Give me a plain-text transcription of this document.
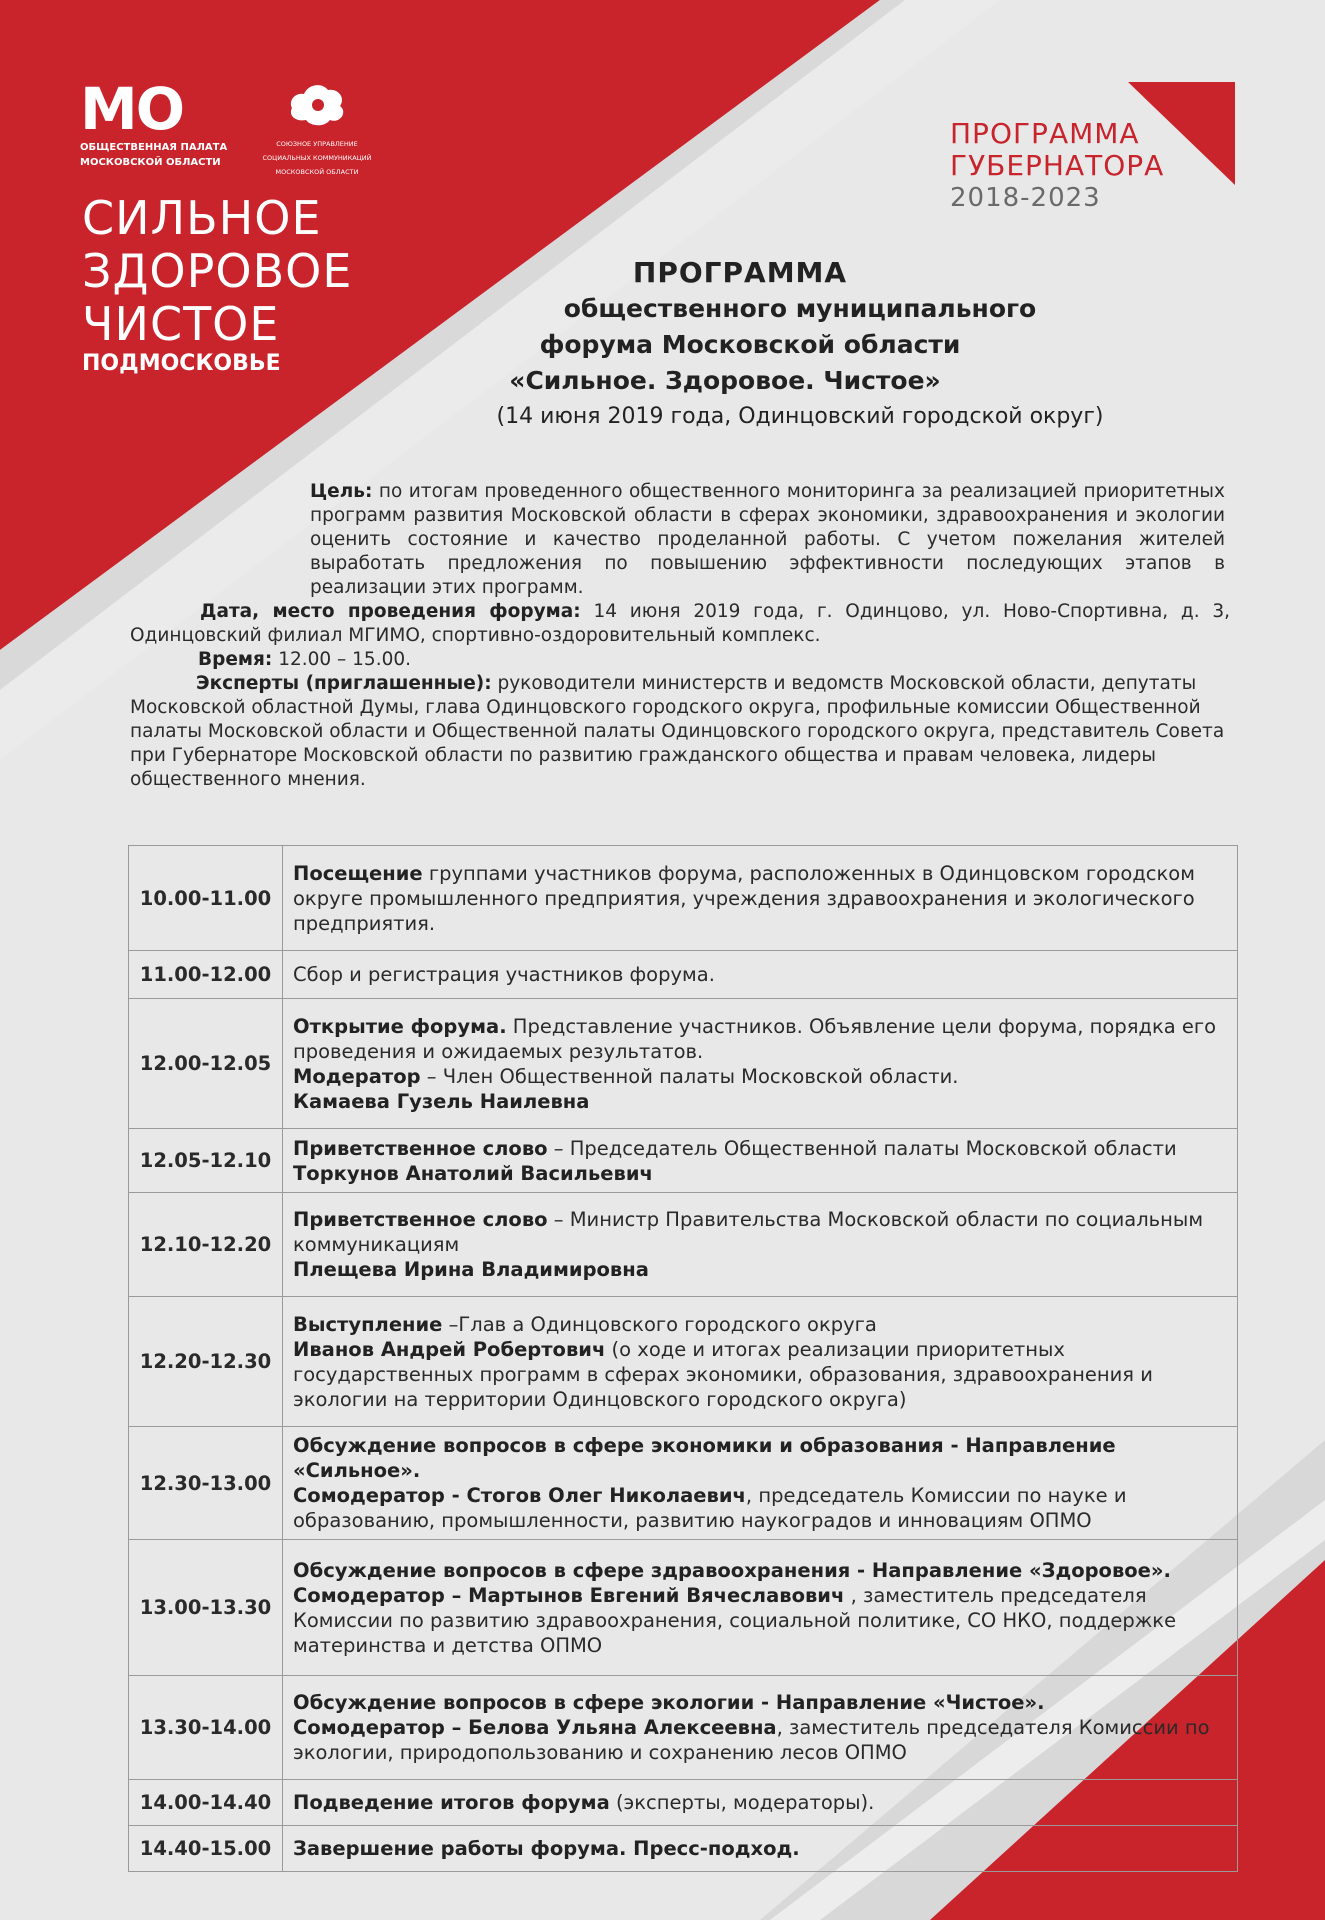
МО
ОБЩЕСТВЕННАЯ ПАЛАТА
МОСКОВСКОЙ ОБЛАСТИ
СОЮЗНОЕ УПРАВЛЕНИЕ
СОЦИАЛЬНЫХ КОММУНИКАЦИЙ
МОСКОВСКОЙ ОБЛАСТИ
СИЛЬНОЕ
ЗДОРОВОЕ
ЧИСТОЕ
ПОДМОСКОВЬЕ
ПРОГРАММА
ГУБЕРНАТОРА
2018-2023
ПРОГРАММА
общественного муниципального
форума Московской области
«Сильное. Здоровое. Чистое»
(14 июня 2019 года, Одинцовский городской округ)

Цель: по итогам проведенного общественного мониторинга за реализацией приоритетных программ развития Московской области в сферах экономики, здравоохранения и экологии оценить состояние и качество проделанной работы. С учетом пожелания жителей выработать предложения по повышению эффективности последующих этапов в реализации этих программ.

Дата, место проведения форума: 14 июня 2019 года, г. Одинцово, ул. Ново-Спортивна, д. 3, Одинцовский филиал МГИМО, спортивно-оздоровительный комплекс.

Время: 12.00 – 15.00.

Эксперты (приглашенные): руководители министерств и ведомств Московской области, депутаты Московской областной Думы, глава Одинцовского городского округа, профильные комиссии Общественной палаты Московской области и Общественной палаты Одинцовского городского округа, представитель Совета при Губернаторе Московской области по развитию гражданского общества и правам человека, лидеры общественного мнения.

10.00-11.00	Посещение группами участников форума, расположенных в Одинцовском городском округе промышленного предприятия, учреждения здравоохранения и экологического предприятия.
11.00-12.00	Сбор и регистрация участников форума.
12.00-12.05	Открытие форума. Представление участников. Объявление цели форума, порядка его проведения и ожидаемых результатов.
Модератор – Член Общественной палаты Московской области.
Камаева Гузель Наилевна
12.05-12.10	Приветственное слово – Председатель Общественной палаты Московской области
Торкунов Анатолий Васильевич
12.10-12.20	Приветственное слово – Министр Правительства Московской области по социальным коммуникациям
Плещева Ирина Владимировна
12.20-12.30	Выступление –Глав а Одинцовского городского округа
Иванов Андрей Робертович (о ходе и итогах реализации приоритетных государственных программ в сферах экономики, образования, здравоохранения и экологии на территории Одинцовского городского округа)
12.30-13.00	Обсуждение вопросов в сфере экономики и образования - Направление «Сильное».
Сомодератор - Стогов Олег Николаевич, председатель Комиссии по науке и образованию, промышленности, развитию наукоградов и инновациям ОПМО
13.00-13.30	Обсуждение вопросов в сфере здравоохранения - Направление «Здоровое».
Сомодератор – Мартынов Евгений Вячеславович , заместитель председателя Комиссии по развитию здравоохранения, социальной политике, СО НКО, поддержке материнства и детства ОПМО
13.30-14.00	Обсуждение вопросов в сфере экологии - Направление «Чистое».
Сомодератор – Белова Ульяна Алексеевна, заместитель председателя Комиссии по экологии, природопользованию и сохранению лесов ОПМО
14.00-14.40	Подведение итогов форума (эксперты, модераторы).
14.40-15.00	Завершение работы форума. Пресс-подход.
